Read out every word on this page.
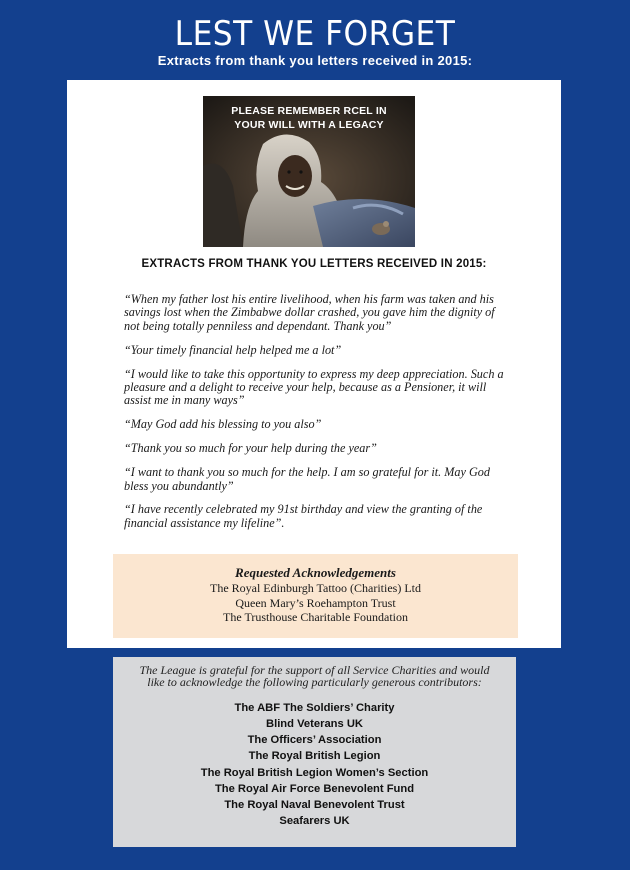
LEST WE FORGET
Extracts from thank you letters received in 2015:
PLEASE REMEMBER RCEL IN YOUR WILL WITH A LEGACY
EXTRACTS FROM THANK YOU LETTERS RECEIVED IN 2015:

“When my father lost his entire livelihood, when his farm was taken and his savings lost when the Zimbabwe dollar crashed, you gave him the dignity of not being totally penniless and dependant. Thank you”

“Your timely financial help helped me a lot”

“I would like to take this opportunity to express my deep appreciation. Such a pleasure and a delight to receive your help, because as a Pensioner, it will assist me in many ways”

“May God add his blessing to you also”

“Thank you so much for your help during the year”

“I want to thank you so much for the help. I am so grateful for it. May God bless you abundantly”

“I have recently celebrated my 91st birthday and view the granting of the financial assistance my lifeline”.

Requested Acknowledgements
The Royal Edinburgh Tattoo (Charities) Ltd
Queen Mary’s Roehampton Trust
The Trusthouse Charitable Foundation
The League is grateful for the support of all Service Charities and would like to acknowledge the following particularly generous contributors:
The ABF The Soldiers’ Charity
Blind Veterans UK
The Officers’ Association
The Royal British Legion
The Royal British Legion Women’s Section
The Royal Air Force Benevolent Fund
The Royal Naval Benevolent Trust
Seafarers UK
